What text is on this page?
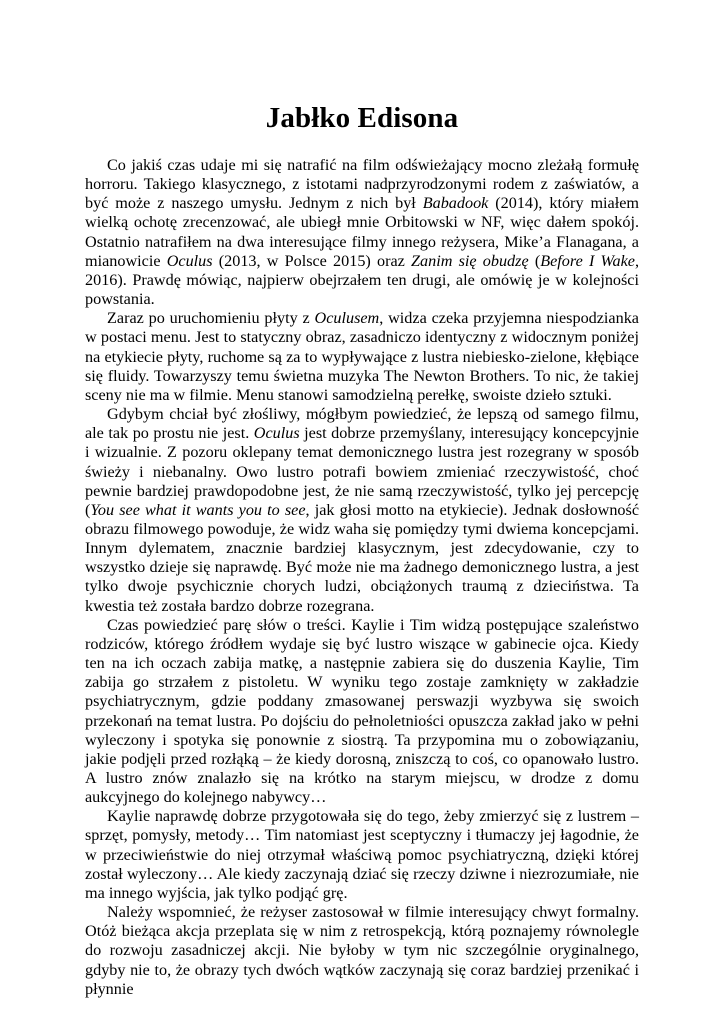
Jabłko Edisona

Co jakiś czas udaje mi się natrafić na film odświeżający mocno zleżałą formułę horroru. Takiego klasycznego, z istotami nadprzyrodzonymi rodem z zaświatów, a być może z naszego umysłu. Jednym z nich był Babadook (2014), który miałem wielką ochotę zrecenzować, ale ubiegł mnie Orbitowski w NF, więc dałem spokój. Ostatnio natrafiłem na dwa interesujące filmy innego reżysera, Mike’a Flanagana, a mianowicie Oculus (2013, w Polsce 2015) oraz Zanim się obudzę (Before I Wake, 2016). Prawdę mówiąc, najpierw obejrzałem ten drugi, ale omówię je w kolejności powstania.

Zaraz po uruchomieniu płyty z Oculusem, widza czeka przyjemna niespodzianka w postaci menu. Jest to statyczny obraz, zasadniczo identyczny z widocznym poniżej na etykiecie płyty, ruchome są za to wypływające z lustra niebiesko-zielone, kłębiące się fluidy. Towarzyszy temu świetna muzyka The Newton Brothers. To nic, że takiej sceny nie ma w filmie. Menu stanowi samodzielną perełkę, swoiste dzieło sztuki.

Gdybym chciał być złośliwy, mógłbym powiedzieć, że lepszą od samego filmu, ale tak po prostu nie jest. Oculus jest dobrze przemyślany, interesujący koncepcyjnie i wizualnie. Z pozoru oklepany temat demonicznego lustra jest rozegrany w sposób świeży i niebanalny. Owo lustro potrafi bowiem zmieniać rzeczywistość, choć pewnie bardziej prawdopodobne jest, że nie samą rzeczywistość, tylko jej percepcję (You see what it wants you to see, jak głosi motto na etykiecie). Jednak dosłowność obrazu filmowego powoduje, że widz waha się pomiędzy tymi dwiema koncepcjami. Innym dylematem, znacznie bardziej klasycznym, jest zdecydowanie, czy to wszystko dzieje się naprawdę. Być może nie ma żadnego demonicznego lustra, a jest tylko dwoje psychicznie chorych ludzi, obciążonych traumą z dzieciństwa. Ta kwestia też została bardzo dobrze rozegrana.

Czas powiedzieć parę słów o treści. Kaylie i Tim widzą postępujące szaleństwo rodziców, którego źródłem wydaje się być lustro wiszące w gabinecie ojca. Kiedy ten na ich oczach zabija matkę, a następnie zabiera się do duszenia Kaylie, Tim zabija go strzałem z pistoletu. W wyniku tego zostaje zamknięty w zakładzie psychiatrycznym, gdzie poddany zmasowanej perswazji wyzbywa się swoich przekonań na temat lustra. Po dojściu do pełnoletniości opuszcza zakład jako w pełni wyleczony i spotyka się ponownie z siostrą. Ta przypomina mu o zobowiązaniu, jakie podjęli przed rozłąką – że kiedy dorosną, zniszczą to coś, co opanowało lustro. A lustro znów znalazło się na krótko na starym miejscu, w drodze z domu aukcyjnego do kolejnego nabywcy…

Kaylie naprawdę dobrze przygotowała się do tego, żeby zmierzyć się z lustrem – sprzęt, pomysły, metody… Tim natomiast jest sceptyczny i tłumaczy jej łagodnie, że w przeciwieństwie do niej otrzymał właściwą pomoc psychiatryczną, dzięki której został wyleczony… Ale kiedy zaczynają dziać się rzeczy dziwne i niezrozumiałe, nie ma innego wyjścia, jak tylko podjąć grę.

Należy wspomnieć, że reżyser zastosował w filmie interesujący chwyt formalny. Otóż bieżąca akcja przeplata się w nim z retrospekcją, którą poznajemy równolegle do rozwoju zasadniczej akcji. Nie byłoby w tym nic szczególnie oryginalnego, gdyby nie to, że obrazy tych dwóch wątków zaczynają się coraz bardziej przenikać i płynnie
